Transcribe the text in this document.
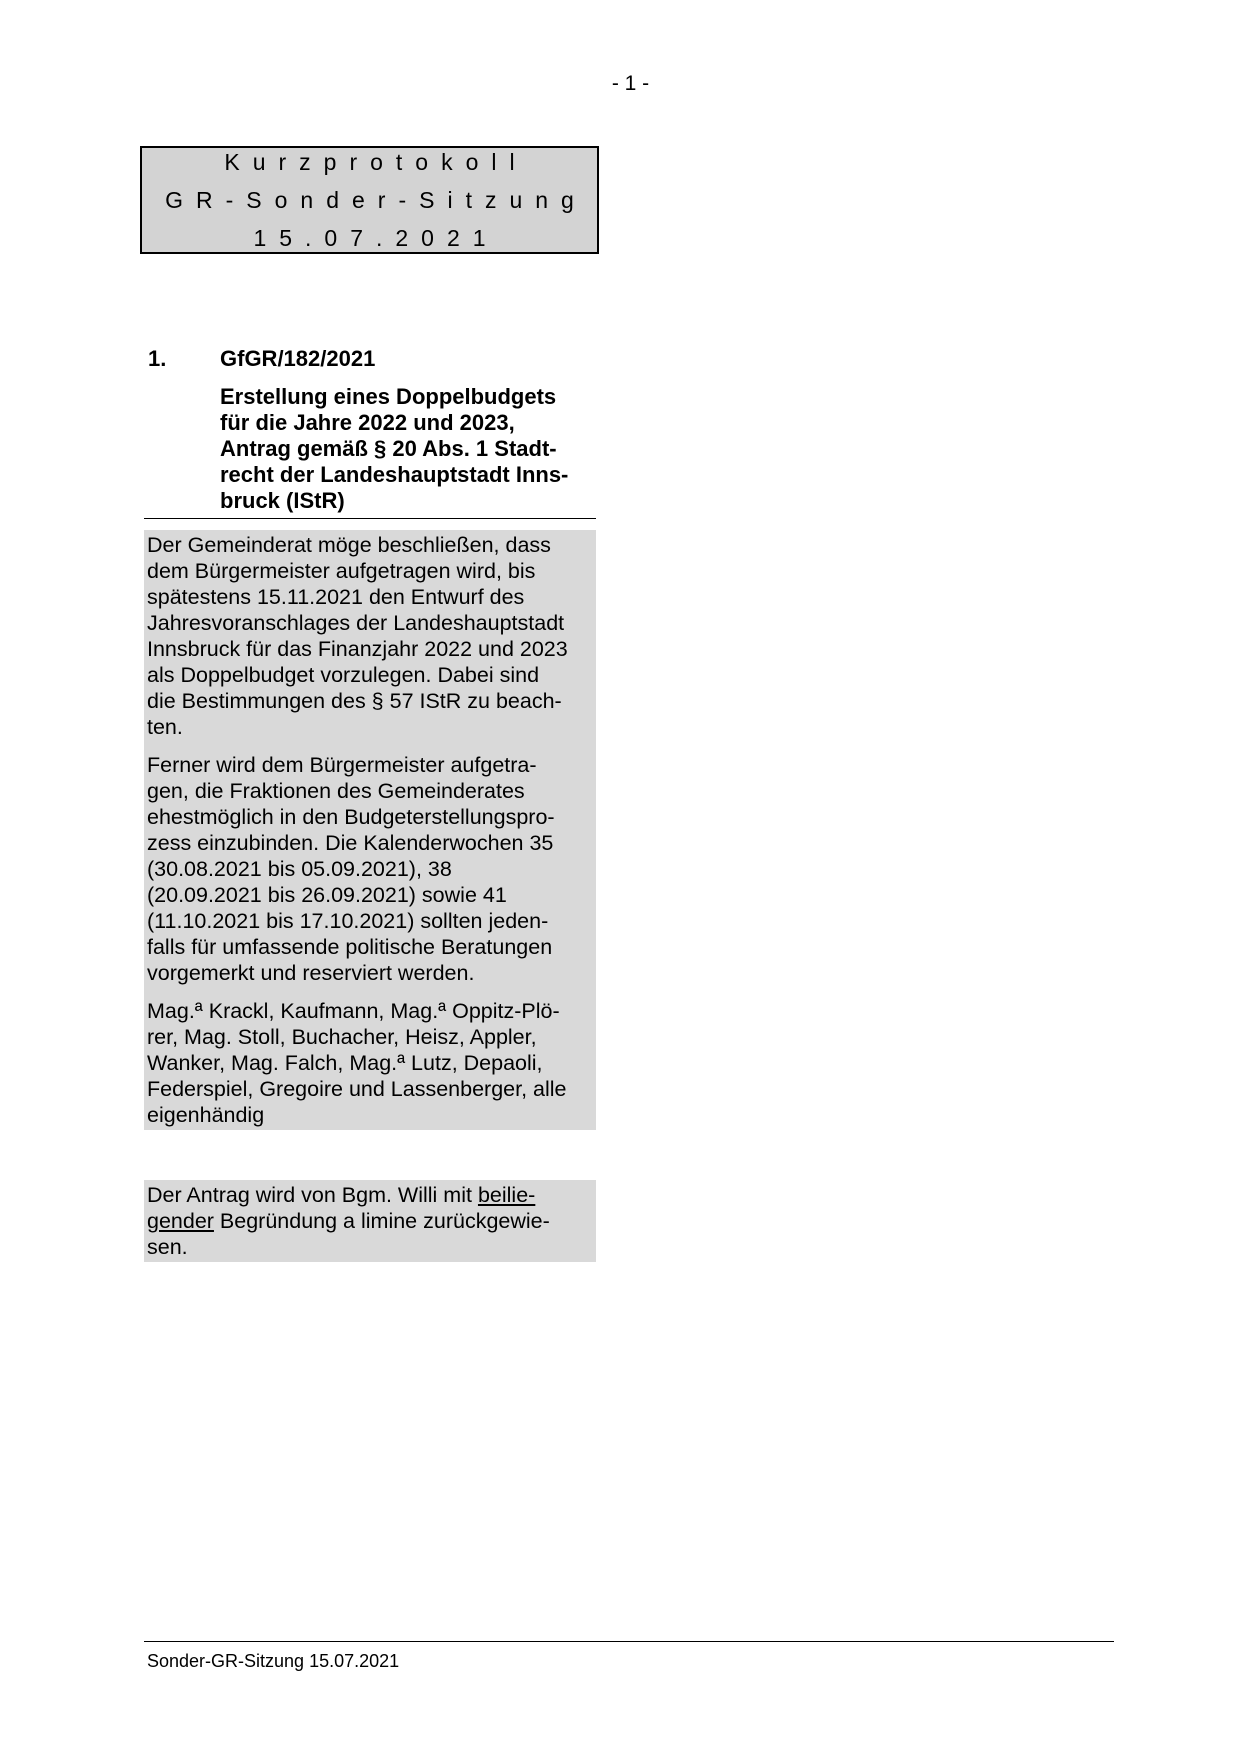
- 1 -
Kurzprotokoll
GR-Sonder-Sitzung
15.07.2021
1. GfGR/182/2021
Erstellung eines Doppelbudgets
für die Jahre 2022 und 2023,
Antrag gemäß § 20 Abs. 1 Stadt-
recht der Landeshauptstadt Inns-
bruck (IStR)
Der Gemeinderat möge beschließen, dass
dem Bürgermeister aufgetragen wird, bis
spätestens 15.11.2021 den Entwurf des
Jahresvoranschlages der Landeshauptstadt
Innsbruck für das Finanzjahr 2022 und 2023
als Doppelbudget vorzulegen. Dabei sind
die Bestimmungen des § 57 IStR zu beach-
ten.
Ferner wird dem Bürgermeister aufgetra-
gen, die Fraktionen des Gemeinderates
ehestmöglich in den Budgeterstellungspro-
zess einzubinden. Die Kalenderwochen 35
(30.08.2021 bis 05.09.2021), 38
(20.09.2021 bis 26.09.2021) sowie 41
(11.10.2021 bis 17.10.2021) sollten jeden-
falls für umfassende politische Beratungen
vorgemerkt und reserviert werden.
Mag.ª Krackl, Kaufmann, Mag.ª Oppitz-Plö-
rer, Mag. Stoll, Buchacher, Heisz, Appler,
Wanker, Mag. Falch, Mag.ª Lutz, Depaoli,
Federspiel, Gregoire und Lassenberger, alle
eigenhändig
Der Antrag wird von Bgm. Willi mit beilie-
gender Begründung a limine zurückgewie-
sen.
Sonder-GR-Sitzung 15.07.2021
